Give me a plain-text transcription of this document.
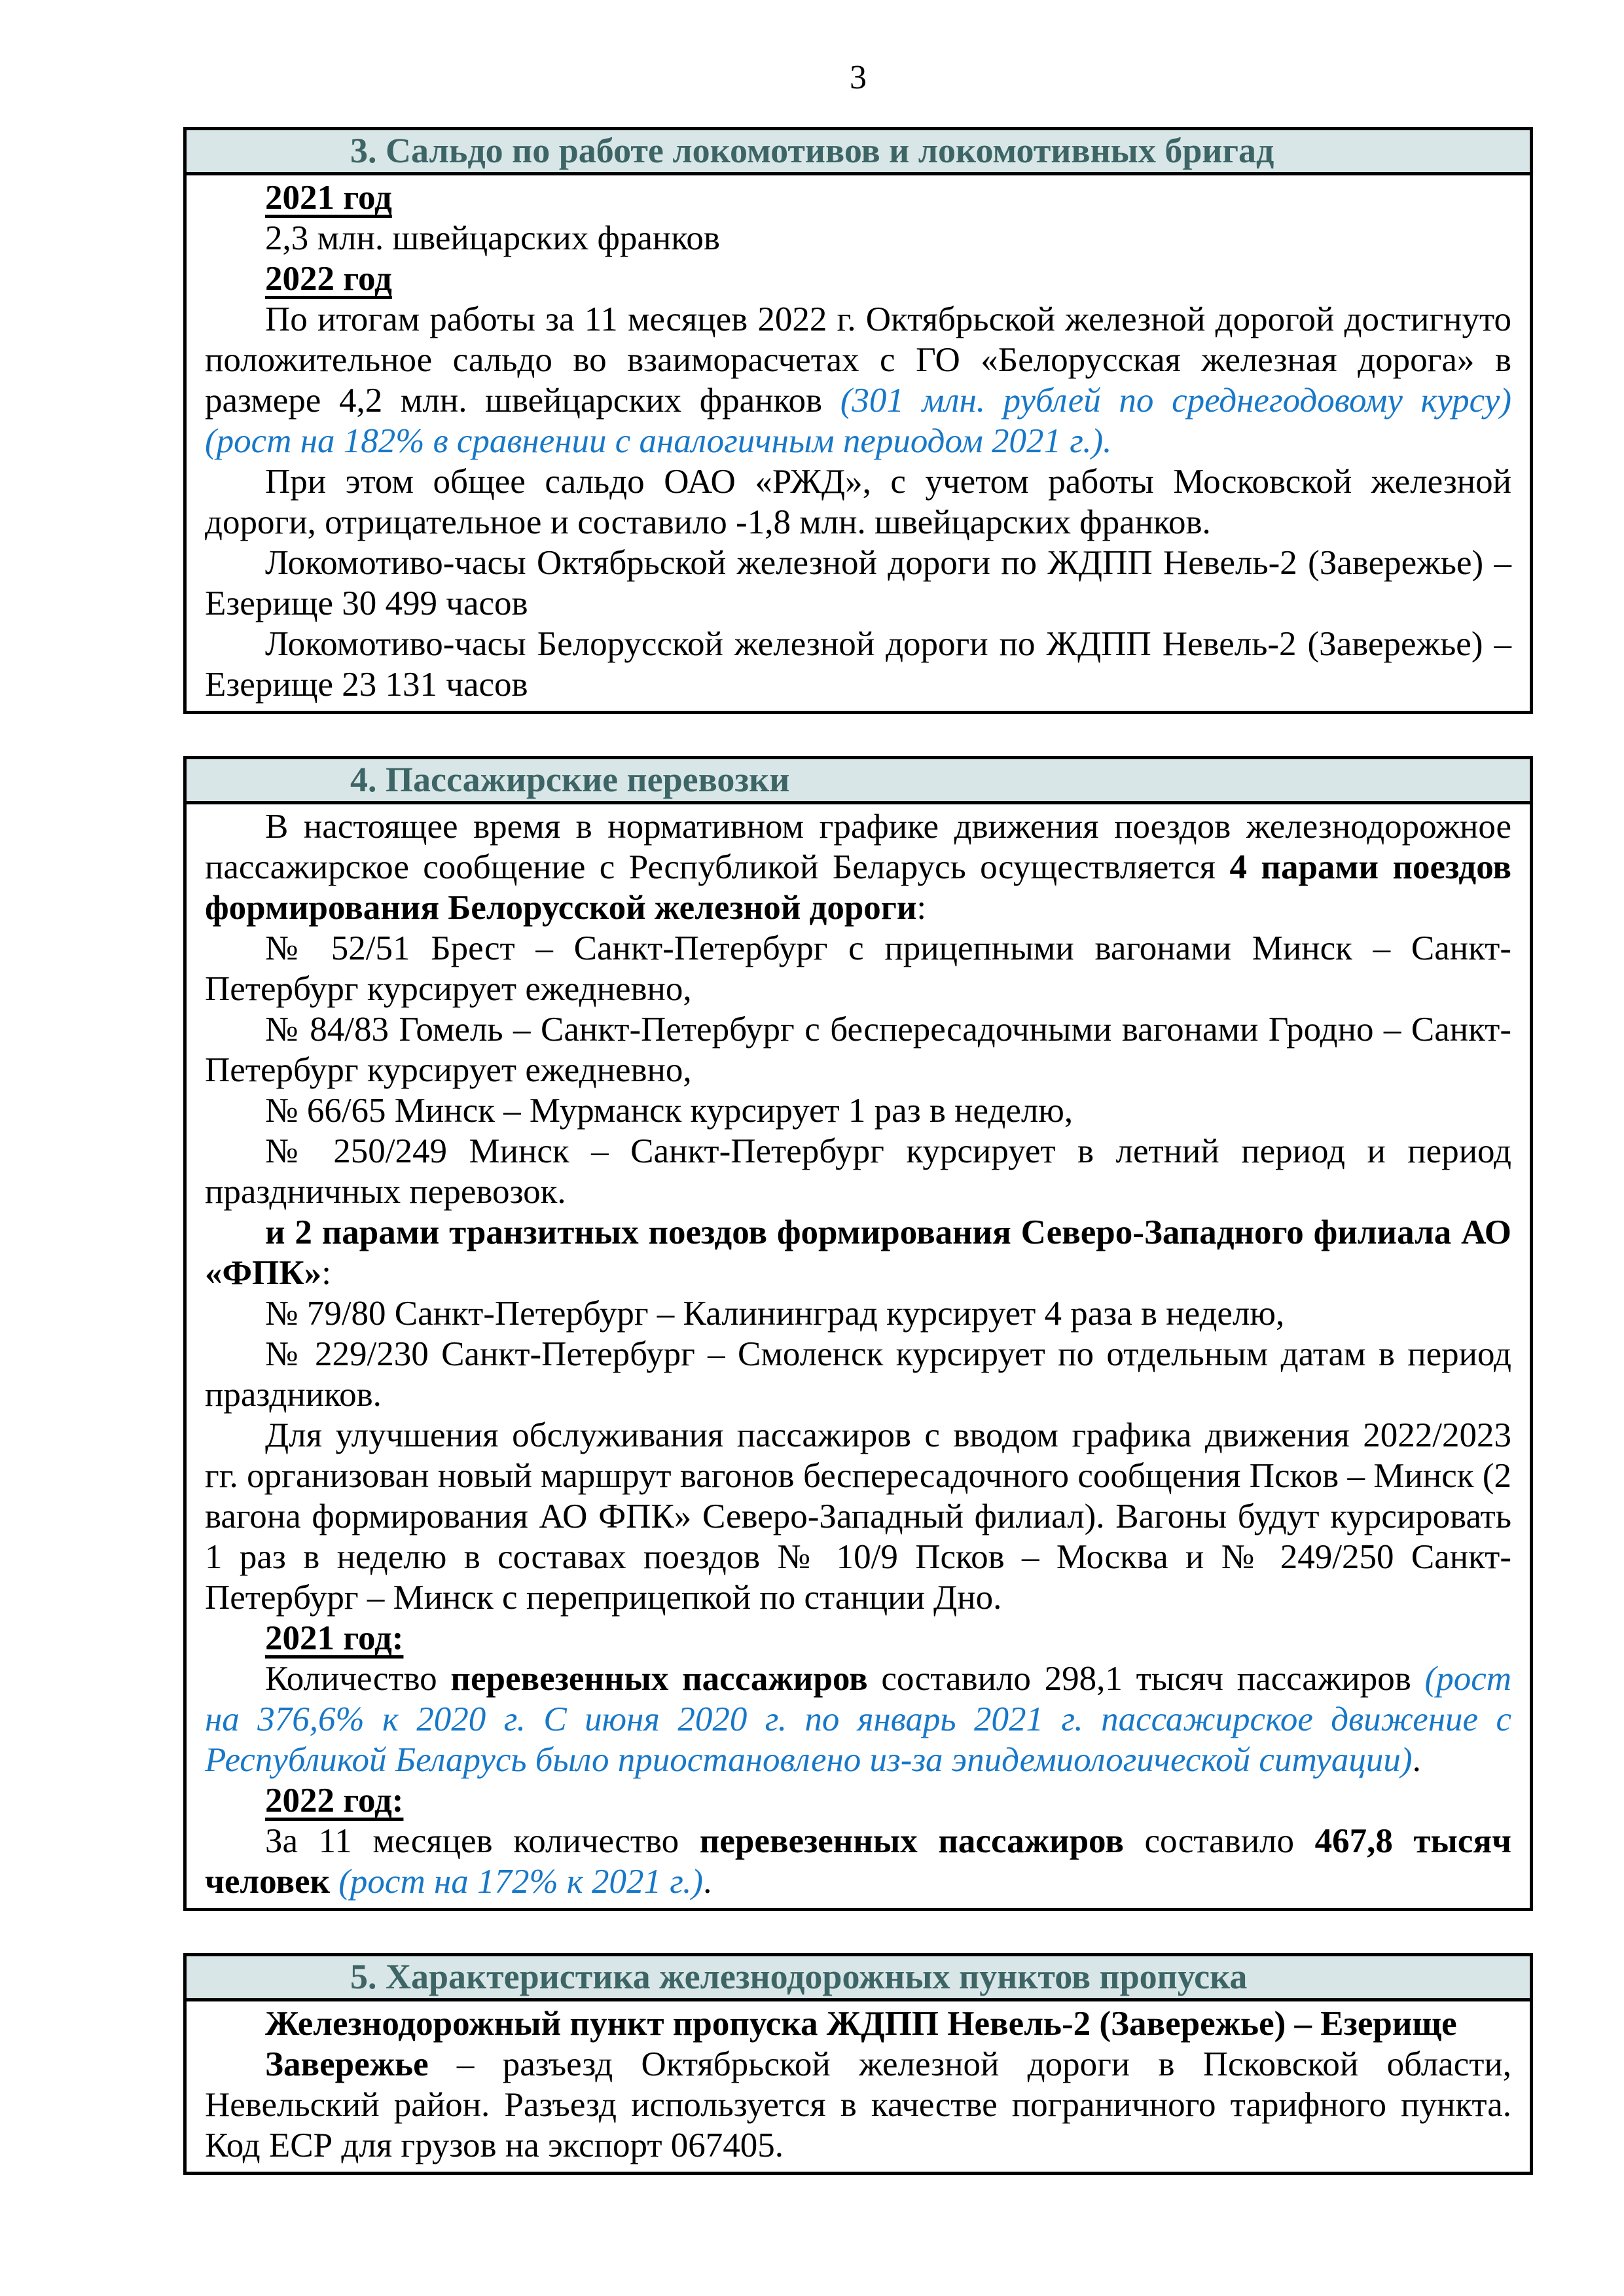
3
3. Сальдо по работе локомотивов и локомотивных бригад

2021 год

2,3 млн. швейцарских франков

2022 год

По итогам работы за 11 месяцев 2022 г. Октябрьской железной дорогой достигнуто положительное сальдо во взаиморасчетах с ГО «Белорусская железная дорога» в размере 4,2 млн. швейцарских франков (301 млн. рублей по среднегодовому курсу) (рост на 182% в сравнении с аналогичным периодом 2021 г.).

При этом общее сальдо ОАО «РЖД», с учетом работы Московской железной дороги, отрицательное и составило -1,8 млн. швейцарских франков.

Локомотиво-часы Октябрьской железной дороги по ЖДПП Невель-2 (Завережье) – Езерище 30 499 часов

Локомотиво-часы Белорусской железной дороги по ЖДПП Невель-2 (Завережье) – Езерище 23 131 часов

4. Пассажирские перевозки

В настоящее время в нормативном графике движения поездов железнодорожное пассажирское сообщение с Республикой Беларусь осуществляется 4 парами поездов формирования Белорусской железной дороги:

№ 52/51 Брест – Санкт-Петербург с прицепными вагонами Минск – Санкт-Петербург курсирует ежедневно,

№ 84/83 Гомель – Санкт-Петербург с беспересадочными вагонами Гродно – Санкт-Петербург курсирует ежедневно,

№ 66/65 Минск – Мурманск курсирует 1 раз в неделю,

№ 250/249 Минск – Санкт-Петербург курсирует в летний период и период праздничных перевозок.

и 2 парами транзитных поездов формирования Северо-Западного филиала АО «ФПК»:

№ 79/80 Санкт-Петербург – Калининград курсирует 4 раза в неделю,

№ 229/230 Санкт-Петербург – Смоленск курсирует по отдельным датам в период праздников.

Для улучшения обслуживания пассажиров с вводом графика движения 2022/2023 гг. организован новый маршрут вагонов беспересадочного сообщения Псков – Минск (2 вагона формирования АО ФПК» Северо-Западный филиал). Вагоны будут курсировать 1 раз в неделю в составах поездов № 10/9 Псков – Москва и № 249/250 Санкт-Петербург – Минск с переприцепкой по станции Дно.

2021 год:

Количество перевезенных пассажиров составило 298,1 тысяч пассажиров (рост на 376,6% к 2020 г. С июня 2020 г. по январь 2021 г. пассажирское движение с Республикой Беларусь было приостановлено из-за эпидемиологической ситуации).

2022 год:

За 11 месяцев количество перевезенных пассажиров составило 467,8 тысяч человек (рост на 172% к 2021 г.).

5. Характеристика железнодорожных пунктов пропуска

Железнодорожный пункт пропуска ЖДПП Невель-2 (Завережье) – Езерище

Завережье – разъезд Октябрьской железной дороги в Псковской области, Невельский район. Разъезд используется в качестве пограничного тарифного пункта. Код ЕСР для грузов на экспорт 067405.
